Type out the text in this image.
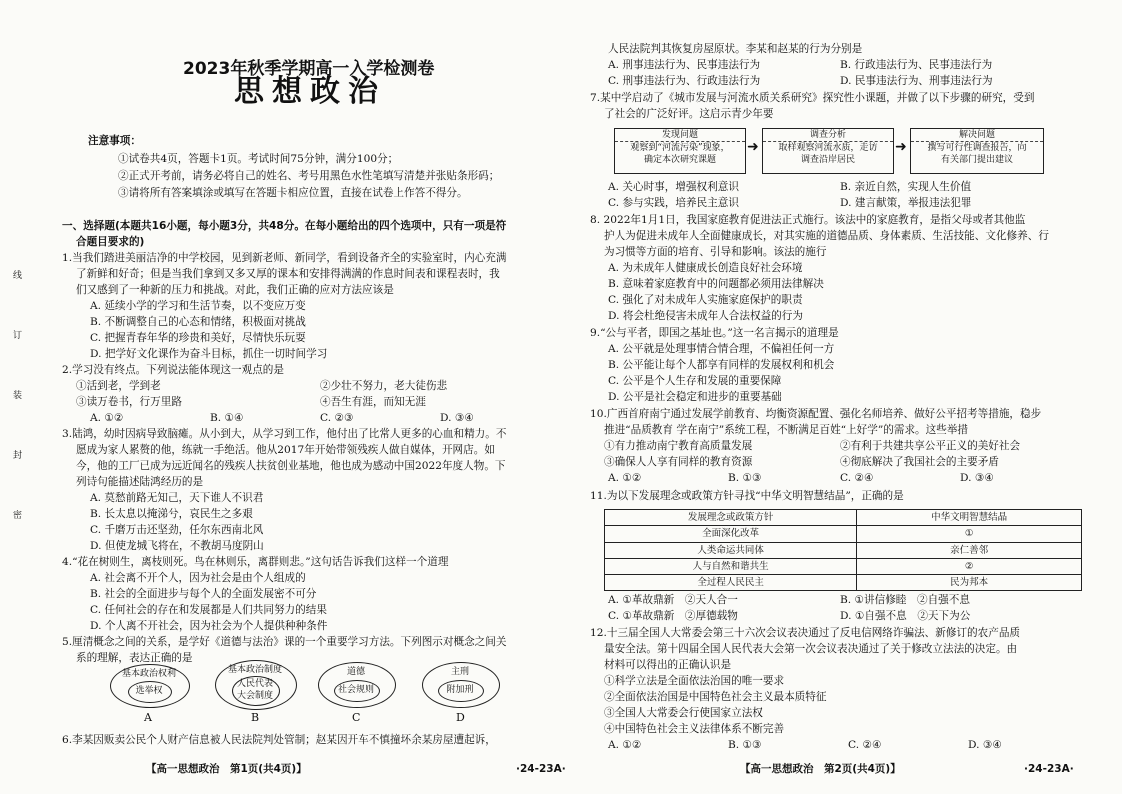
线
订
装
封
密
2023年秋季学期高一入学检测卷
思想政治
注意事项：
①试卷共4页，答题卡1页。考试时间75分钟，满分100分；
②正式开考前，请务必将自己的姓名、考号用黑色水性笔填写清楚并张贴条形码；
③请将所有答案填涂或填写在答题卡相应位置，直接在试卷上作答不得分。
一、选择题(本题共16小题，每小题3分，共48分。在每小题给出的四个选项中，只有一项是符
合题目要求的)
1.当我们踏进美丽洁净的中学校园，见到新老师、新同学，看到设备齐全的实验室时，内心充满
了新鲜和好奇；但是当我们拿到又多又厚的课本和安排得满满的作息时间表和课程表时，我
们又感到了一种新的压力和挑战。对此，我们正确的应对方法应该是
A. 延续小学的学习和生活节奏，以不变应万变
B. 不断调整自己的心态和情绪，积极面对挑战
C. 把握青春年华的珍贵和美好，尽情快乐玩耍
D. 把学好文化课作为奋斗目标，抓住一切时间学习
2.学习没有终点。下列说法能体现这一观点的是
①活到老，学到老	②少壮不努力，老大徒伤悲
③读万卷书，行万里路	④吾生有涯，而知无涯
A. ①②	B. ①④	C. ②③	D. ③④
3.陆鸿，幼时因病导致脑瘫。从小到大，从学习到工作，他付出了比常人更多的心血和精力。不
愿成为家人累赘的他，练就一手绝活。他从2017年开始带领残疾人做自媒体，开网店。如
今，他的工厂已成为远近闻名的残疾人扶贫创业基地，他也成为感动中国2022年度人物。下
列诗句能描述陆鸿经历的是
A. 莫愁前路无知己，天下谁人不识君
B. 长太息以掩涕兮，哀民生之多艰
C. 千磨万击还坚劲，任尔东西南北风
D. 但使龙城飞将在，不教胡马度阴山
4.“花在树则生，离枝则死。鸟在林则乐，离群则悲。”这句话告诉我们这样一个道理
A. 社会离不开个人，因为社会是由个人组成的
B. 社会的全面进步与每个人的全面发展密不可分
C. 任何社会的存在和发展都是人们共同努力的结果
D. 个人离不开社会，因为社会为个人提供种种条件
5.厘清概念之间的关系，是学好《道德与法治》课的一个重要学习方法。下列图示对概念之间关
系的理解，表达正确的是
基本政治权利
选举权
A
基本政治制度
人民代表
大会制度
B
道德
社会规则
C
主刑
附加刑
D
6.李某因贩卖公民个人财产信息被人民法院判处管制；赵某因开车不慎撞坏余某房屋遭起诉，
【高一思想政治　第1页(共4页)】	·24-23A·
人民法院判其恢复房屋原状。李某和赵某的行为分别是
A. 刑事违法行为、民事违法行为	B. 行政违法行为、民事违法行为
C. 刑事违法行为、行政违法行为	D. 民事违法行为、刑事违法行为
7.某中学启动了《城市发展与河流水质关系研究》探究性小课题，并做了以下步骤的研究，受到
了社会的广泛好评。这启示青少年要
发现问题
观察到“河流污染”现象，
确定本次研究课题
➜
调查分析
取样观察河流水质，走访
调查沿岸居民
➜
解决问题
撰写可行性调查报告，向
有关部门提出建议
A. 关心时事，增强权利意识	B. 亲近自然，实现人生价值
C. 参与实践，培养民主意识	D. 建言献策，举报违法犯罪
8. 2022年1月1日，我国家庭教育促进法正式施行。该法中的家庭教育，是指父母或者其他监
护人为促进未成年人全面健康成长，对其实施的道德品质、身体素质、生活技能、文化修养、行
为习惯等方面的培育、引导和影响。该法的施行
A. 为未成年人健康成长创造良好社会环境
B. 意味着家庭教育中的问题都必须用法律解决
C. 强化了对未成年人实施家庭保护的职责
D. 将会杜绝侵害未成年人合法权益的行为
9.“公与平者，即国之基址也。”这一名言揭示的道理是
A. 公平就是处理事情合情合理，不偏袒任何一方
B. 公平能让每个人都享有同样的发展权利和机会
C. 公平是个人生存和发展的重要保障
D. 公平是社会稳定和进步的重要基础
10.广西首府南宁通过发展学前教育、均衡资源配置、强化名师培养、做好公平招考等措施，稳步
推进“品质教育 学在南宁”系统工程，不断满足百姓“上好学”的需求。这些举措
①有力推动南宁教育高质量发展	②有利于共建共享公平正义的美好社会
③确保人人享有同样的教育资源	④彻底解决了我国社会的主要矛盾
A. ①②	B. ①③	C. ②④	D. ③④
11.为以下发展理念或政策方针寻找“中华文明智慧结晶”，正确的是
发展理念或政策方针	中华文明智慧结晶
全面深化改革	①
人类命运共同体	亲仁善邻
人与自然和谐共生	②
全过程人民民主	民为邦本
A. ①革故鼎新　②天人合一	B. ①讲信修睦　②自强不息
C. ①革故鼎新　②厚德载物	D. ①自强不息　②天下为公
12.十三届全国人大常委会第三十六次会议表决通过了反电信网络诈骗法、新修订的农产品质
量安全法。第十四届全国人民代表大会第一次会议表决通过了关于修改立法法的决定。由
材料可以得出的正确认识是
①科学立法是全面依法治国的唯一要求
②全面依法治国是中国特色社会主义最本质特征
③全国人大常委会行使国家立法权
④中国特色社会主义法律体系不断完善
A. ①②	B. ①③	C. ②④	D. ③④
【高一思想政治　第2页(共4页)】	·24-23A·
